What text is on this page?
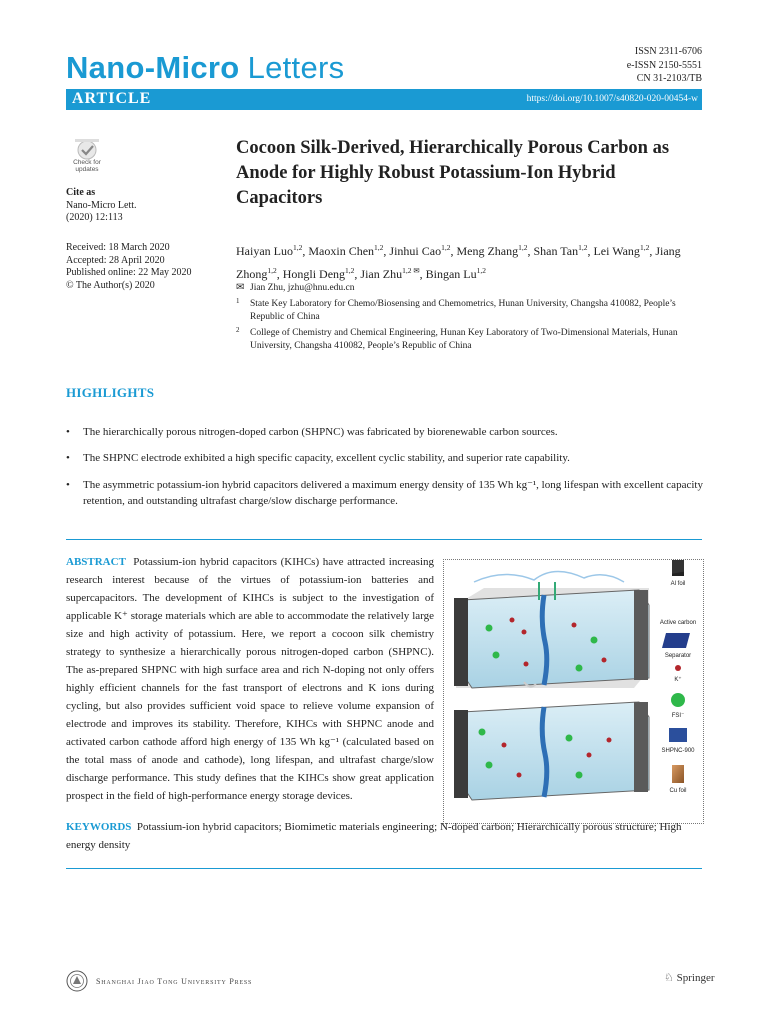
Nano-Micro Letters	ISSN 2311-6706
e-ISSN 2150-5551
CN 31-2103/TB
ARTICLE	https://doi.org/10.1007/s40820-020-00454-w
Check for
updates
Cite as
Nano-Micro Lett.
(2020) 12:113
Received: 18 March 2020
Accepted: 28 April 2020
Published online: 22 May 2020
© The Author(s) 2020
Cocoon Silk-Derived, Hierarchically Porous Carbon as Anode for Highly Robust Potassium-Ion Hybrid Capacitors
Haiyan Luo$^{1,2}$, Maoxin Chen$^{1,2}$, Jinhui Cao$^{1,2}$, Meng Zhang$^{1,2}$, Shan Tan$^{1,2}$, Lei Wang$^{1,2}$, Jiang Zhong$^{1,2}$, Hongli Deng$^{1,2}$, Jian Zhu$^{1,2 ✉}$, Bingan Lu$^{1,2}$
✉ Jian Zhu, jzhu@hnu.edu.cn
1 State Key Laboratory for Chemo/Biosensing and Chemometrics, Hunan University, Changsha 410082, People’s Republic of China
2 College of Chemistry and Chemical Engineering, Hunan Key Laboratory of Two-Dimensional Materials, Hunan University, Changsha 410082, People’s Republic of China
HIGHLIGHTS
• The hierarchically porous nitrogen-doped carbon (SHPNC) was fabricated by biorenewable carbon sources.
• The SHPNC electrode exhibited a high specific capacity, excellent cyclic stability, and superior rate capability.
• The asymmetric potassium-ion hybrid capacitors delivered a maximum energy density of 135 Wh kg⁻¹, long lifespan with excellent capacity retention, and outstanding ultrafast charge/slow discharge performance.
ABSTRACT Potassium-ion hybrid capacitors (KIHCs) have attracted increasing research interest because of the virtues of potassium-ion batteries and supercapacitors. The development of KIHCs is subject to the investigation of applicable K⁺ storage materials which are able to accommodate the relatively large size and high activity of potassium. Here, we report a cocoon silk chemistry strategy to synthesize a hierarchically porous nitrogen-doped carbon (SHPNC). The as-prepared SHPNC with high surface area and rich N-doping not only offers highly efficient channels for the fast transport of electrons and K ions during cycling, but also provides sufficient void space to relieve volume expansion of electrode and improves its stability. Therefore, KIHCs with SHPNC anode and activated carbon cathode afford high energy of 135 Wh kg⁻¹ (calculated based on the total mass of anode and cathode), long lifespan, and ultrafast charge/slow discharge performance. This study defines that the KIHCs show great application prospect in the field of high-performance energy storage devices.
Al foil
Active carbon
Separator
K⁺
FSI⁻
SHPNC-900
Cu foil
KEYWORDS Potassium-ion hybrid capacitors; Biomimetic materials engineering; N-doped carbon; Hierarchically porous structure; High energy density
Shanghai Jiao Tong University Press	♘ Springer
